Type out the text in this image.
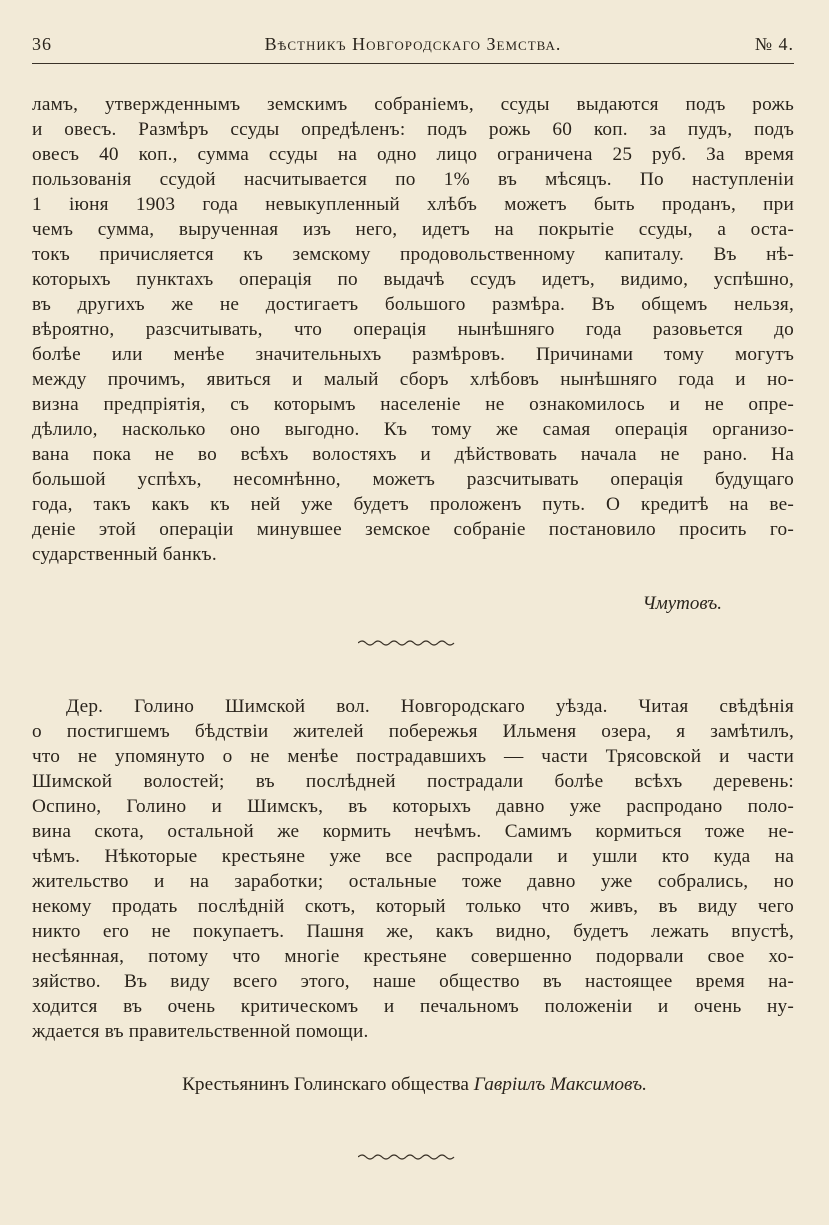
36	Вѣстникъ Новгородскаго Земства.	№ 4.
ламъ, утвержденнымъ земскимъ собраніемъ, ссуды выдаются подъ рожь
и овесъ. Размѣръ ссуды опредѣленъ: подъ рожь 60 коп. за пудъ, подъ
овесъ 40 коп., сумма ссуды на одно лицо ограничена 25 руб. За время
пользованія ссудой насчитывается по 1% въ мѣсяцъ. По наступленіи
1 іюня 1903 года невыкупленный хлѣбъ можетъ быть проданъ, при
чемъ сумма, вырученная изъ него, идетъ на покрытіе ссуды, а оста-
токъ причисляется къ земскому продовольственному капиталу. Въ нѣ-
которыхъ пунктахъ операція по выдачѣ ссудъ идетъ, видимо, успѣшно,
въ другихъ же не достигаетъ большого размѣра. Въ общемъ нельзя,
вѣроятно, разсчитывать, что операція нынѣшняго года разовьется до
болѣе или менѣе значительныхъ размѣровъ. Причинами тому могутъ
между прочимъ, явиться и малый сборъ хлѣбовъ нынѣшняго года и но-
визна предпріятія, съ которымъ населеніе не ознакомилось и не опре-
дѣлило, насколько оно выгодно. Къ тому же самая операція организо-
вана пока не во всѣхъ волостяхъ и дѣйствовать начала не рано. На
большой успѣхъ, несомнѣнно, можетъ разсчитывать операція будущаго
года, такъ какъ къ ней уже будетъ проложенъ путь. О кредитѣ на ве-
деніе этой операціи минувшее земское собраніе постановило просить го-
сударственный банкъ.
Чмутовъ.
Дер. Голино Шимской вол. Новгородскаго уѣзда. Читая свѣдѣнія
о постигшемъ бѣдствіи жителей побережья Ильменя озера, я замѣтилъ,
что не упомянуто о не менѣе пострадавшихъ — части Трясовской и части
Шимской волостей; въ послѣдней пострадали болѣе всѣхъ деревень:
Оспино, Голино и Шимскъ, въ которыхъ давно уже распродано поло-
вина скота, остальной же кормить нечѣмъ. Самимъ кормиться тоже не-
чѣмъ. Нѣкоторые крестьяне уже все распродали и ушли кто куда на
жительство и на заработки; остальные тоже давно уже собрались, но
некому продать послѣдній скотъ, который только что живъ, въ виду чего
никто его не покупаетъ. Пашня же, какъ видно, будетъ лежать впустѣ,
несѣянная, потому что многіе крестьяне совершенно подорвали свое хо-
зяйство. Въ виду всего этого, наше общество въ настоящее время на-
ходится въ очень критическомъ и печальномъ положеніи и очень ну-
ждается въ правительственной помощи.
Крестьянинъ Голинскаго общества Гавріилъ Максимовъ.
